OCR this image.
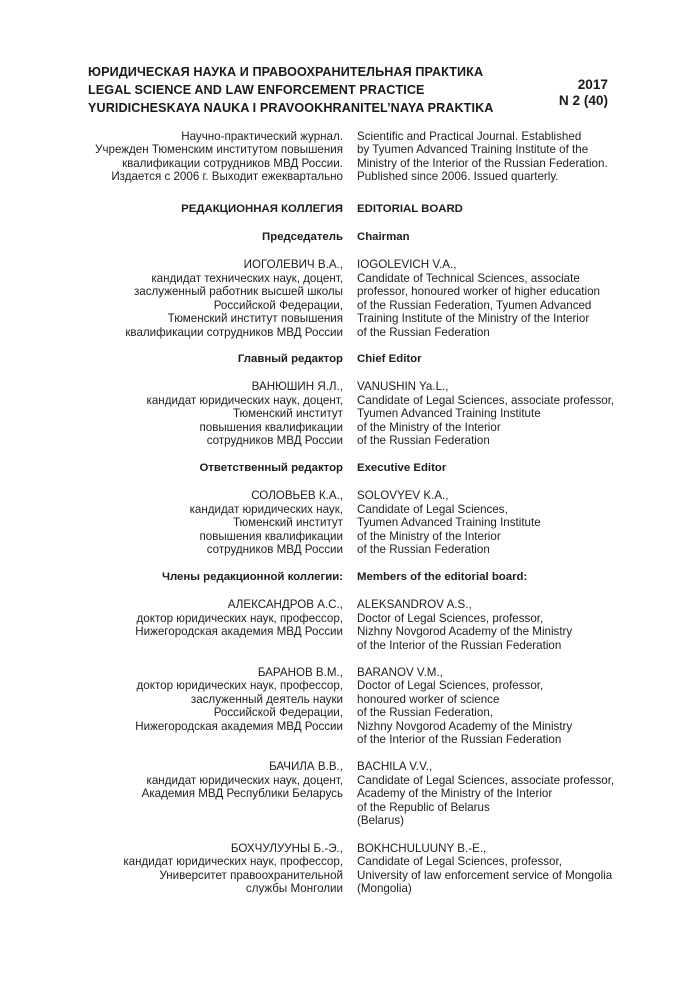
ЮРИДИЧЕСКАЯ НАУКА И ПРАВООХРАНИТЕЛЬНАЯ ПРАКТИКА
LEGAL SCIENCE AND LAW ENFORCEMENT PRACTICE
YURIDICHESKAYA NAUKA I PRAVOOKHRANITEL’NAYA PRAKTIKA
2017
N 2 (40)
Научно-практический журнал.
Учрежден Тюменским институтом повышения
квалификации сотрудников МВД России.
Издается с 2006 г. Выходит ежеквартально
Scientific and Practical Journal. Established
by Tyumen Advanced Training Institute of the
Ministry of the Interior of the Russian Federation.
Published since 2006. Issued quarterly.
РЕДАКЦИОННАЯ КОЛЛЕГИЯ
Председатель
ИОГОЛЕВИЧ В.А.,
кандидат технических наук, доцент,
заслуженный работник высшей школы
Российской Федерации,
Тюменский институт повышения
квалификации сотрудников МВД России
Главный редактор
ВАНЮШИН Я.Л.,
кандидат юридических наук, доцент,
Тюменский институт
повышения квалификации
сотрудников МВД России
Ответственный редактор
СОЛОВЬЕВ К.А.,
кандидат юридических наук,
Тюменский институт
повышения квалификации
сотрудников МВД России
Члены редакционной коллегии:
АЛЕКСАНДРОВ А.С.,
доктор юридических наук, профессор,
Нижегородская академия МВД России
БАРАНОВ В.М.,
доктор юридических наук, профессор,
заслуженный деятель науки
Российской Федерации,
Нижегородская академия МВД России
БАЧИЛА В.В.,
кандидат юридических наук, доцент,
Академия МВД Республики Беларусь
БОХЧУЛУУНЫ Б.-Э.,
кандидат юридических наук, профессор,
Университет правоохранительной
службы Монголии
EDITORIAL BOARD
Chairman
IOGOLEVICH V.A.,
Candidate of Technical Sciences, associate
professor, honoured worker of higher education
of the Russian Federation, Tyumen Advanced
Training Institute of the Ministry of the Interior
of the Russian Federation
Chief Editor
VANUSHIN Ya.L.,
Candidate of Legal Sciences, associate professor,
Tyumen Advanced Training Institute
of the Ministry of the Interior
of the Russian Federation
Executive Editor
SOLOVYEV K.A.,
Candidate of Legal Sciences,
Tyumen Advanced Training Institute
of the Ministry of the Interior
of the Russian Federation
Members of the editorial board:
ALEKSANDROV A.S.,
Doctor of Legal Sciences, professor,
Nizhny Novgorod Academy of the Ministry
of the Interior of the Russian Federation
BARANOV V.M.,
Doctor of Legal Sciences, professor,
honoured worker of science
of the Russian Federation,
Nizhny Novgorod Academy of the Ministry
of the Interior of the Russian Federation
BACHILA V.V.,
Candidate of Legal Sciences, associate professor,
Academy of the Ministry of the Interior
of the Republic of Belarus
(Belarus)
BOKHCHULUUNY B.-E.,
Candidate of Legal Sciences, professor,
University of law enforcement service of Mongolia
(Mongolia)
